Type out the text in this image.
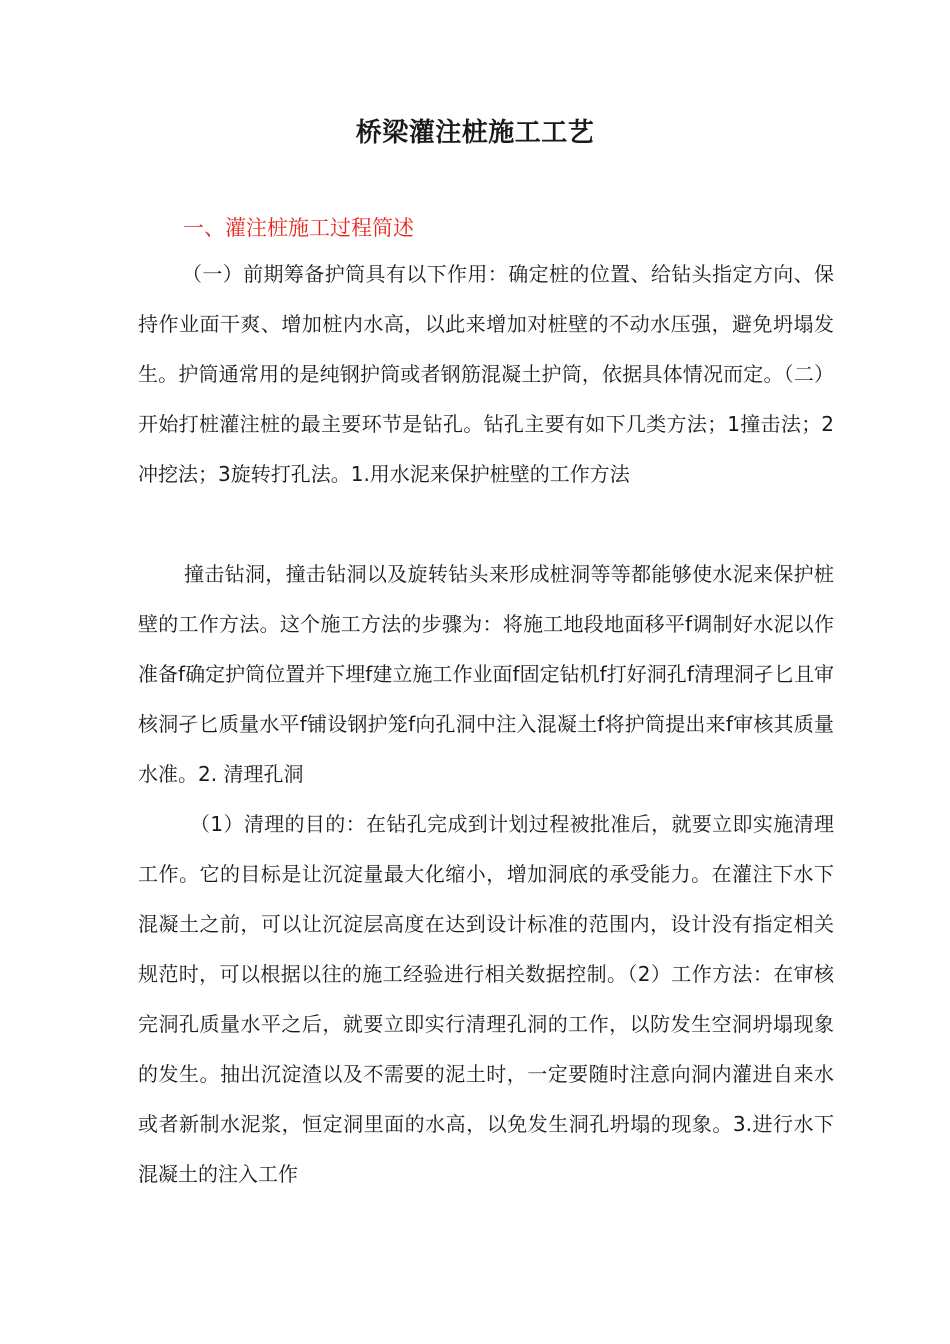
桥梁灌注桩施工工艺
一、灌注桩施工过程简述

（一）前期筹备护筒具有以下作用：确定桩的位置、给钻头指定方向、保持作业面干爽、增加桩内水高，以此来增加对桩壁的不动水压强，避免坍塌发生。护筒通常用的是纯钢护筒或者钢筋混凝土护筒，依据具体情况而定。（二）开始打桩灌注桩的最主要环节是钻孔。钻孔主要有如下几类方法；1撞击法；2冲挖法；3旋转打孔法。1.用水泥来保护桩壁的工作方法

撞击钻洞，撞击钻洞以及旋转钻头来形成桩洞等等都能够使水泥来保护桩壁的工作方法。这个施工方法的步骤为：将施工地段地面移平f调制好水泥以作准备f确定护筒位置并下埋f建立施工作业面f固定钻机f打好洞孔f清理洞孑匕且审核洞孑匕质量水平f铺设钢护笼f向孔洞中注入混凝土f将护筒提出来f审核其质量水准。2. 清理孔洞

（1）清理的目的：在钻孔完成到计划过程被批准后，就要立即实施清理工作。它的目标是让沉淀量最大化缩小，增加洞底的承受能力。在灌注下水下混凝土之前，可以让沉淀层高度在达到设计标准的范围内，设计没有指定相关规范时，可以根据以往的施工经验进行相关数据控制。（2）工作方法：在审核完洞孔质量水平之后，就要立即实行清理孔洞的工作，以防发生空洞坍塌现象的发生。抽出沉淀渣以及不需要的泥土时，一定要随时注意向洞内灌进自来水或者新制水泥浆，恒定洞里面的水高，以免发生洞孔坍塌的现象。3.进行水下混凝土的注入工作
